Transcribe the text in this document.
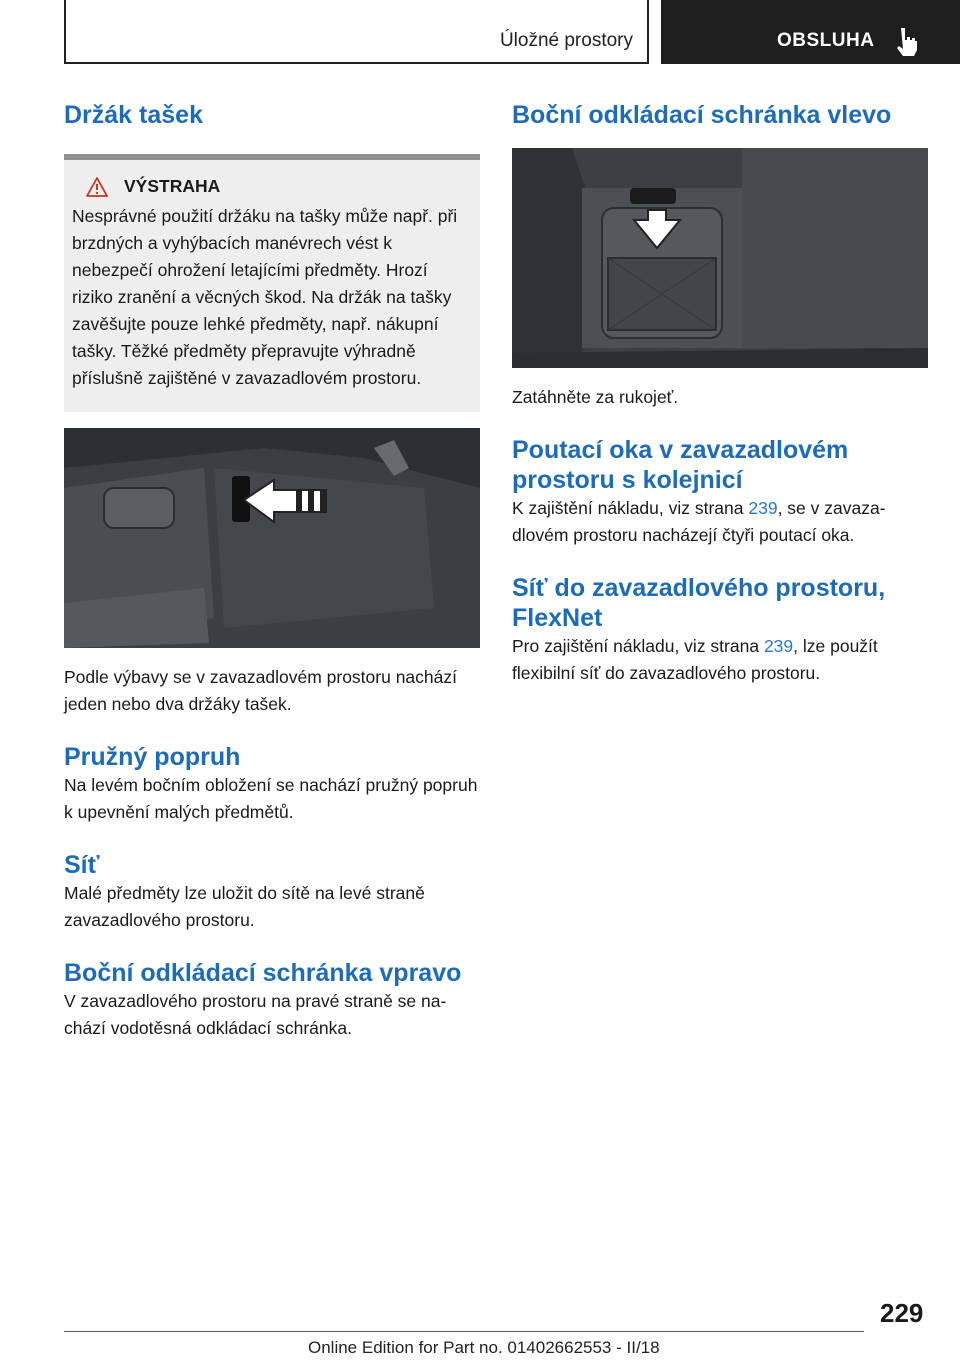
Úložné prostory	OBSLUHA
Držák tašek
VÝSTRAHA

Nesprávné použití držáku na tašky může např. při brzdných a vyhýbacích manévrech vést k nebezpečí ohrožení letajícími předměty. Hrozí riziko zranění a věcných škod. Na držák na tašky zavěšujte pouze lehké předměty, např. nákupní tašky. Těžké předměty přepravujte výhradně příslušně zajištěné v zavazadlovém prostoru.

Podle výbavy se v zavazadlovém prostoru nachází jeden nebo dva držáky tašek.

Pružný popruh

Na levém bočním obložení se nachází pružný popruh k upevnění malých předmětů.

Síť

Malé předměty lze uložit do sítě na levé straně zavazadlového prostoru.

Boční odkládací schránka vpravo

V zavazadlového prostoru na pravé straně se nachází vodotěsná odkládací schránka.

Boční odkládací schránka vlevo

Zatáhněte za rukojeť.

Poutací oka v zavazadlovém prostoru s kolejnicí

K zajištění nákladu, viz strana 239, se v zavazadlovém prostoru nacházejí čtyři poutací oka.

Síť do zavazadlového prostoru, FlexNet

Pro zajištění nákladu, viz strana 239, lze použít flexibilní síť do zavazadlového prostoru.

229
Online Edition for Part no. 01402662553 - II/18
